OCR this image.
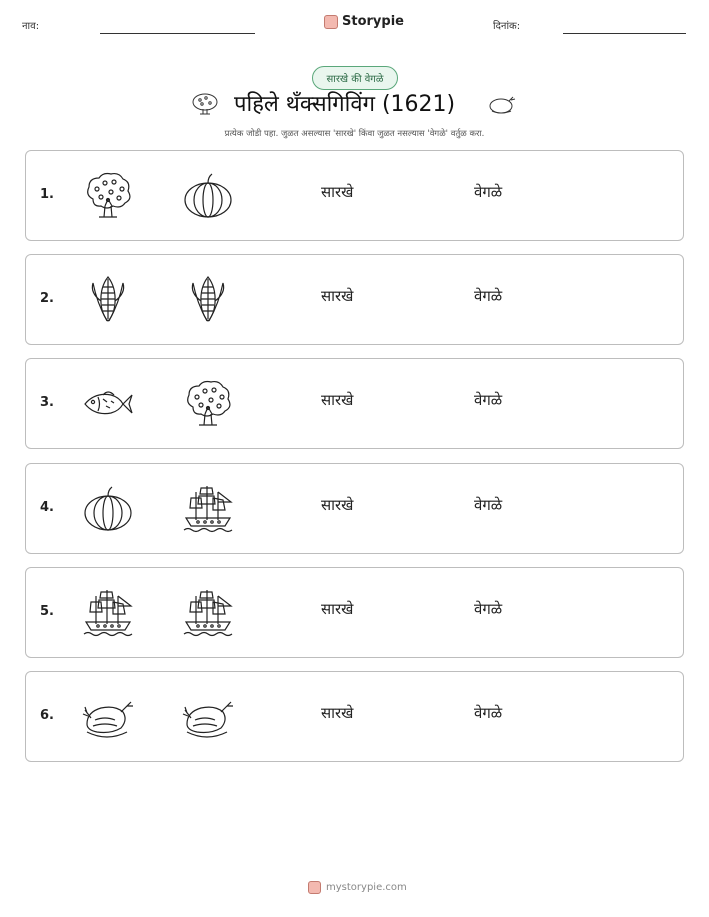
नाव:	Storypie	दिनांक:
सारखे की वेगळे
पहिले थँक्सगिविंग (1621)
प्रत्येक जोडी पहा. जुळत असल्यास 'सारखे' किंवा जुळत नसल्यास 'वेगळे' वर्तुळ करा.
1.	सारखे	वेगळे
2.	सारखे	वेगळे
3.	सारखे	वेगळे
4.	सारखे	वेगळे
5.	सारखे	वेगळे
6.	सारखे	वेगळे
mystorypie.com
